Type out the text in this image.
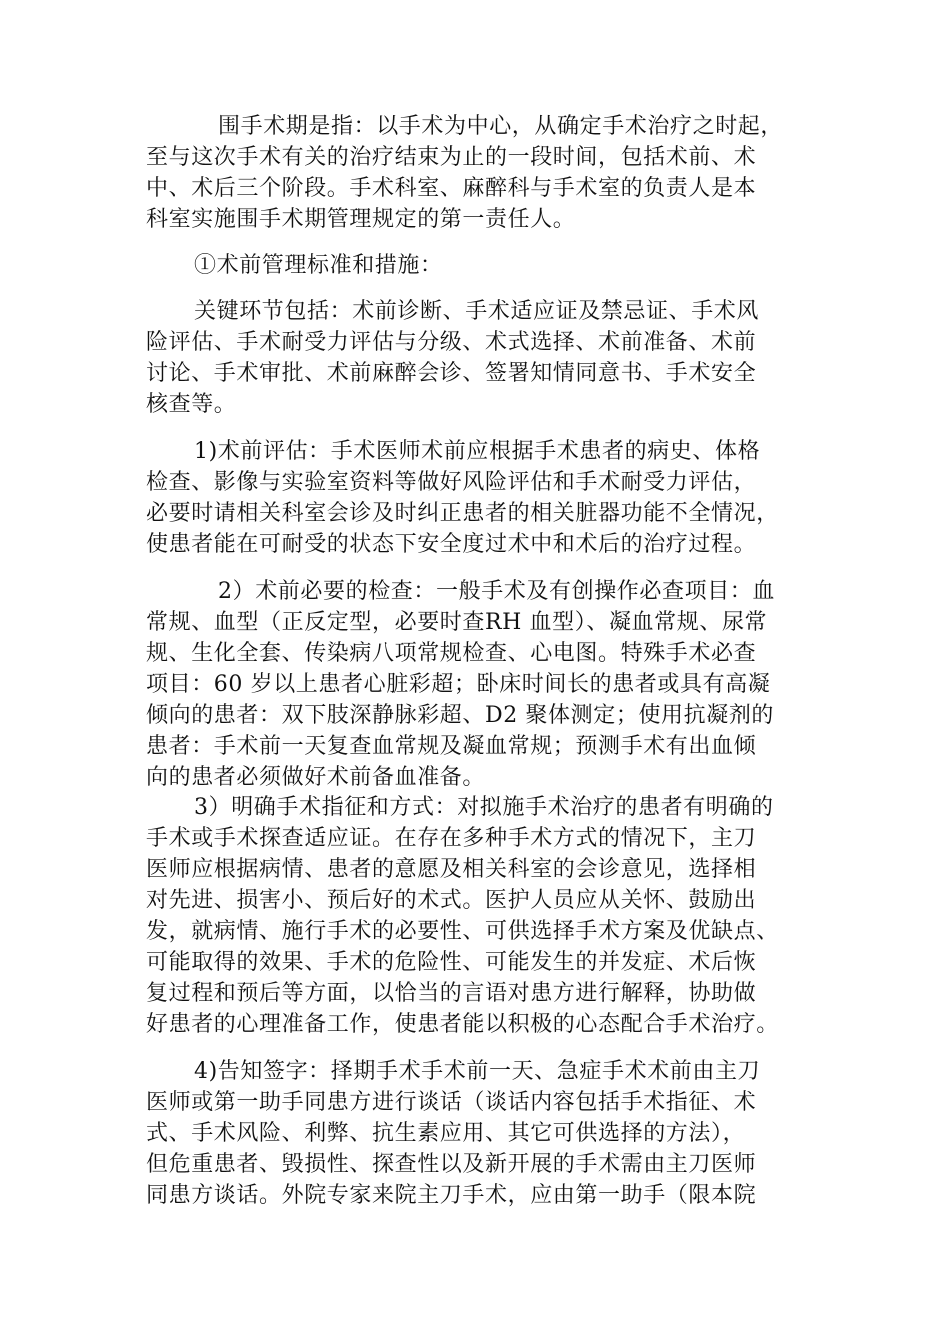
围手术期是指：以手术为中心，从确定手术治疗之时起，
至与这次手术有关的治疗结束为止的一段时间，包括术前、术
中、术后三个阶段。手术科室、麻醉科与手术室的负责人是本
科室实施围手术期管理规定的第一责任人。
①术前管理标准和措施：
关键环节包括：术前诊断、手术适应证及禁忌证、手术风
险评估、手术耐受力评估与分级、术式选择、术前准备、术前
讨论、手术审批、术前麻醉会诊、签署知情同意书、手术安全
核查等。
1)术前评估：手术医师术前应根据手术患者的病史、体格
检查、影像与实验室资料等做好风险评估和手术耐受力评估，
必要时请相关科室会诊及时纠正患者的相关脏器功能不全情况，
使患者能在可耐受的状态下安全度过术中和术后的治疗过程。
2）术前必要的检查：一般手术及有创操作必查项目：血
常规、血型（正反定型，必要时查RH 血型）、凝血常规、尿常
规、生化全套、传染病八项常规检查、心电图。特殊手术必查
项目：60 岁以上患者心脏彩超；卧床时间长的患者或具有高凝
倾向的患者：双下肢深静脉彩超、D2 聚体测定；使用抗凝剂的
患者：手术前一天复查血常规及凝血常规；预测手术有出血倾
向的患者必须做好术前备血准备。
3）明确手术指征和方式：对拟施手术治疗的患者有明确的
手术或手术探查适应证。在存在多种手术方式的情况下，主刀
医师应根据病情、患者的意愿及相关科室的会诊意见，选择相
对先进、损害小、预后好的术式。医护人员应从关怀、鼓励出
发，就病情、施行手术的必要性、可供选择手术方案及优缺点、
可能取得的效果、手术的危险性、可能发生的并发症、术后恢
复过程和预后等方面，以恰当的言语对患方进行解释，协助做
好患者的心理准备工作，使患者能以积极的心态配合手术治疗。
4)告知签字：择期手术手术前一天、急症手术术前由主刀
医师或第一助手同患方进行谈话（谈话内容包括手术指征、术
式、手术风险、利弊、抗生素应用、其它可供选择的方法），
但危重患者、毁损性、探查性以及新开展的手术需由主刀医师
同患方谈话。外院专家来院主刀手术，应由第一助手（限本院
